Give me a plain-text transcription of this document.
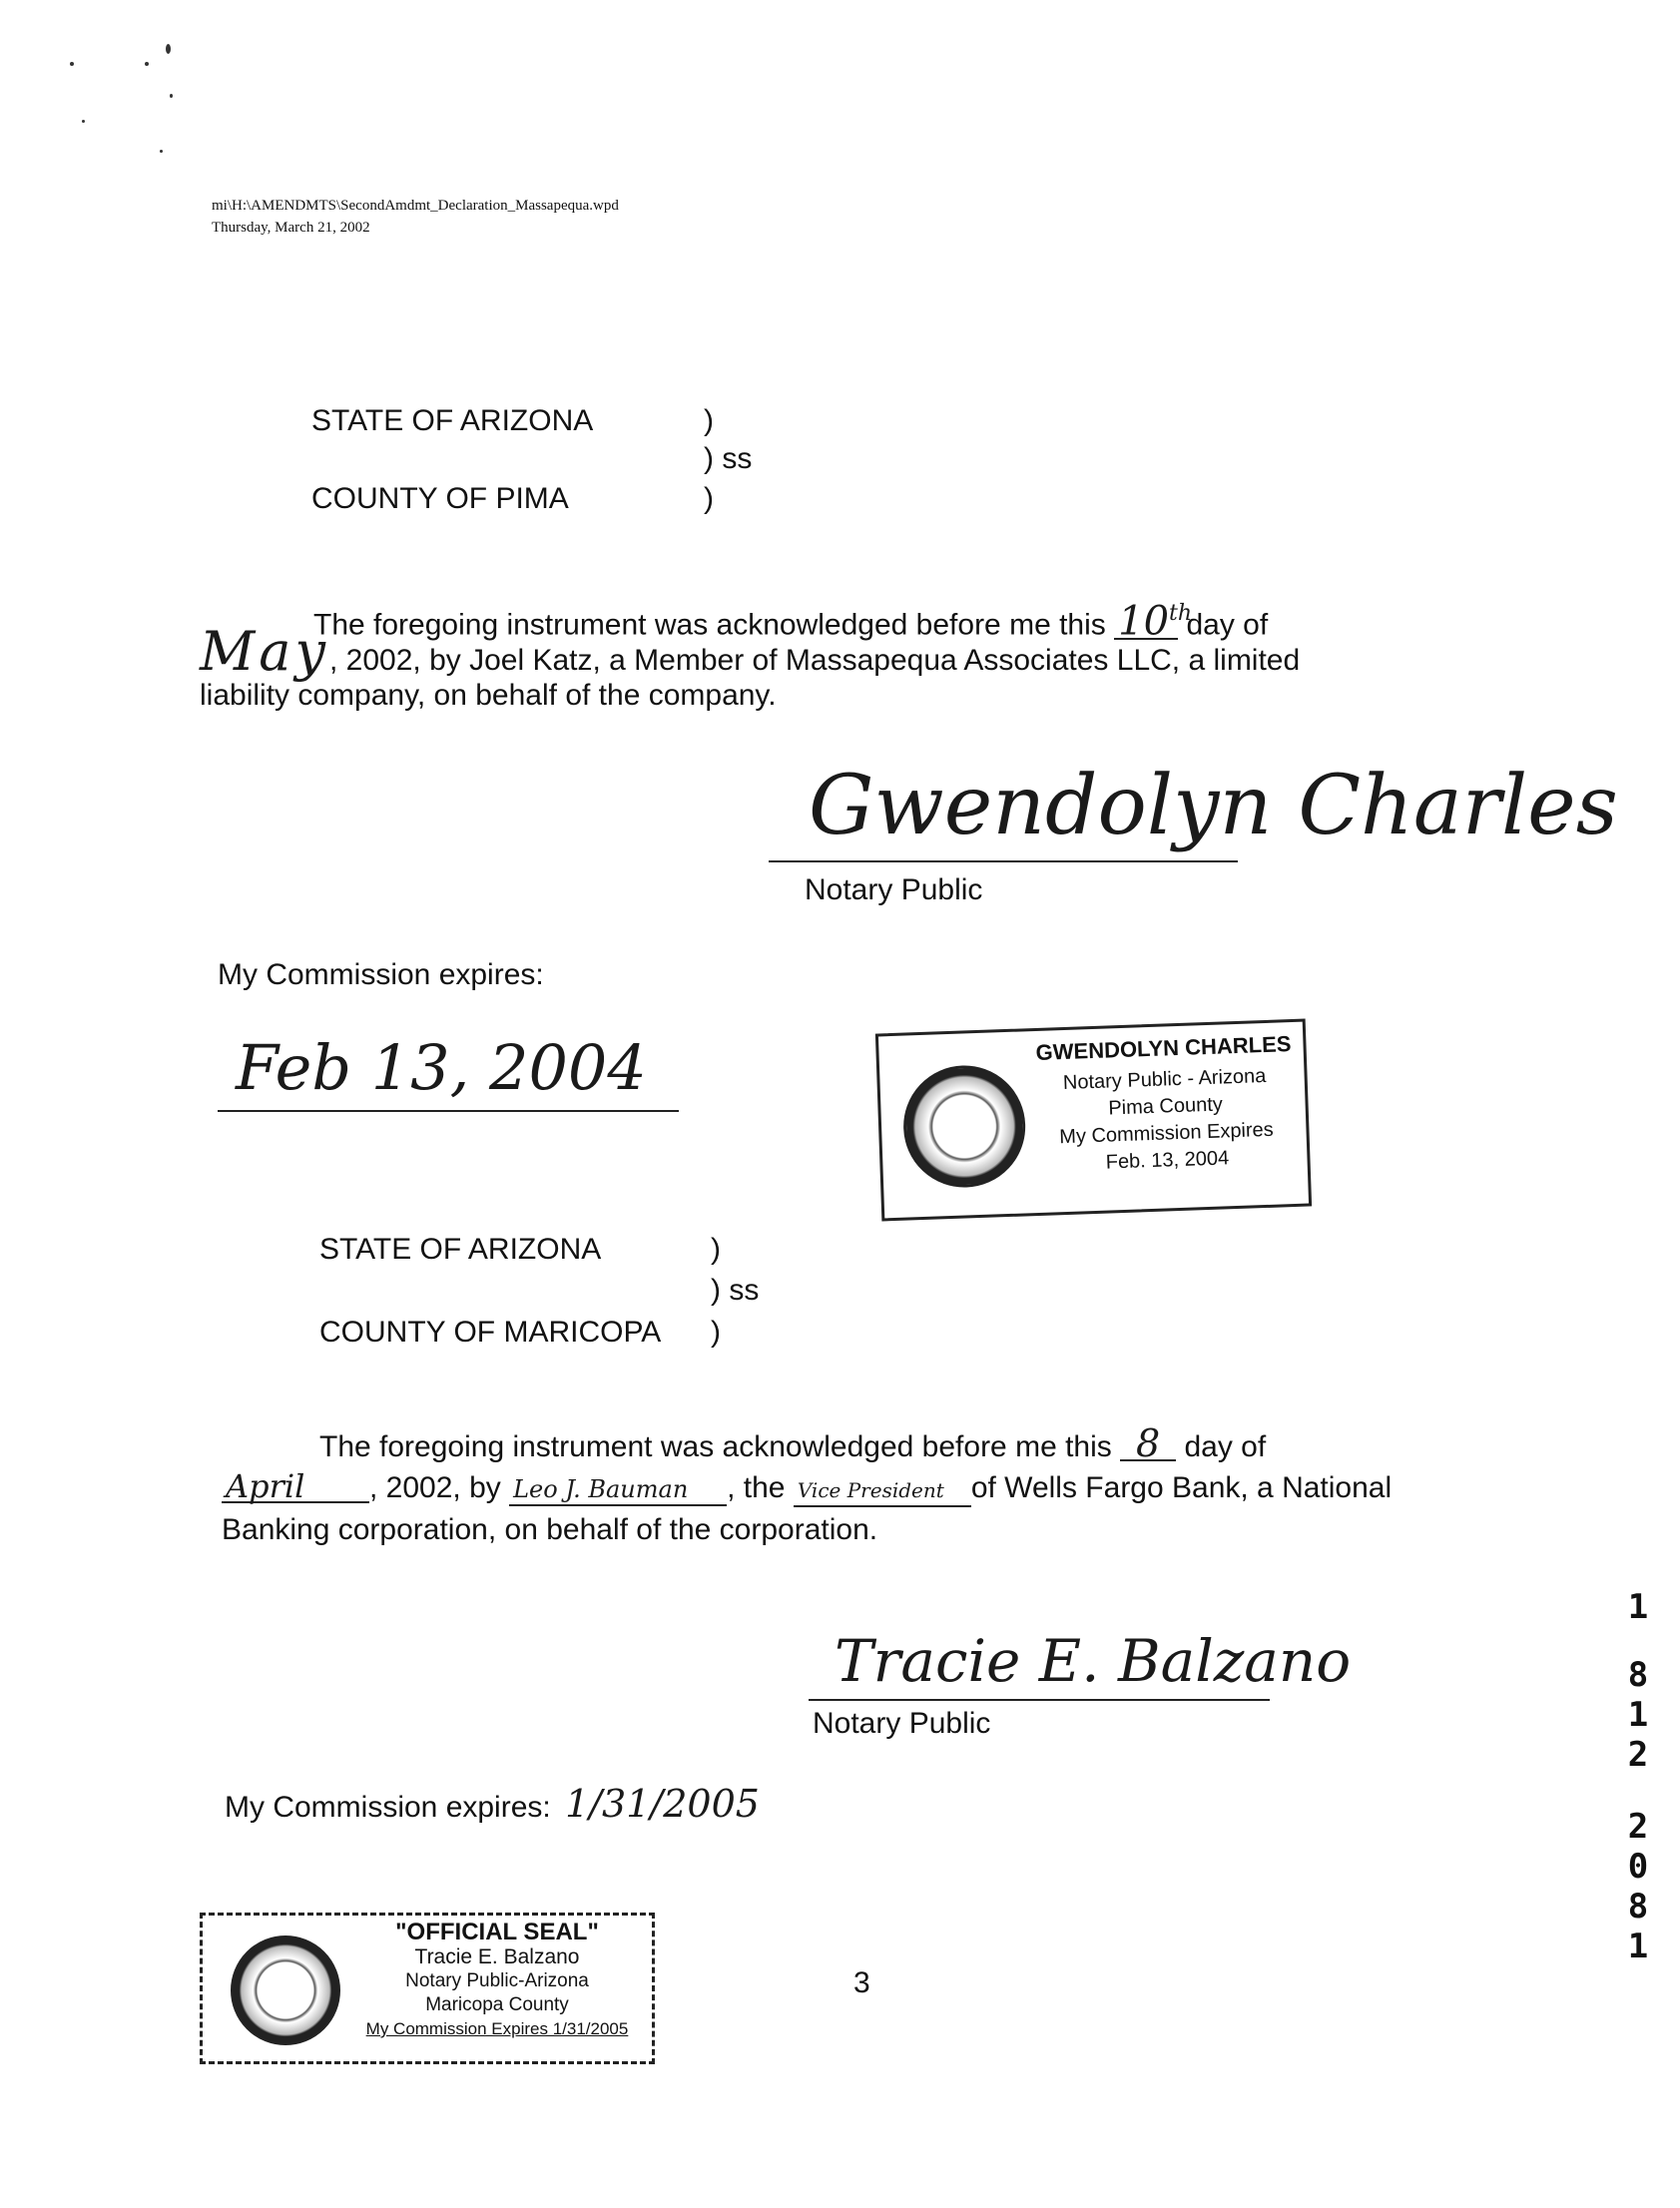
mi\H:\AMENDMTS\SecondAmdmt_Declaration_Massapequa.wpd
Thursday, March 21, 2002
STATE OF ARIZONA	)
) ss
COUNTY OF PIMA	)
The foregoing instrument was acknowledged before me this 10th day of
May, 2002, by Joel Katz, a Member of Massapequa Associates LLC, a limited
liability company, on behalf of the company.
Gwendolyn Charles
Notary Public
My Commission expires:
Feb 13, 2004	GWENDOLYN CHARLES
Notary Public - Arizona
Pima County
My Commission Expires
Feb. 13, 2004
STATE OF ARIZONA	)
) ss
COUNTY OF MARICOPA )
The foregoing instrument was acknowledged before me this 8 day of
April , 2002, by Leo J. Bauman , the Vice President of Wells Fargo Bank, a National
Banking corporation, on behalf of the corporation.
Tracie E. Balzano
Notary Public
My Commission expires: 1/31/2005
"OFFICIAL SEAL"
Tracie E. Balzano
Notary Public-Arizona
Maricopa County
My Commission Expires 1/31/2005
3
1
8
1
2
2
0
8
1
